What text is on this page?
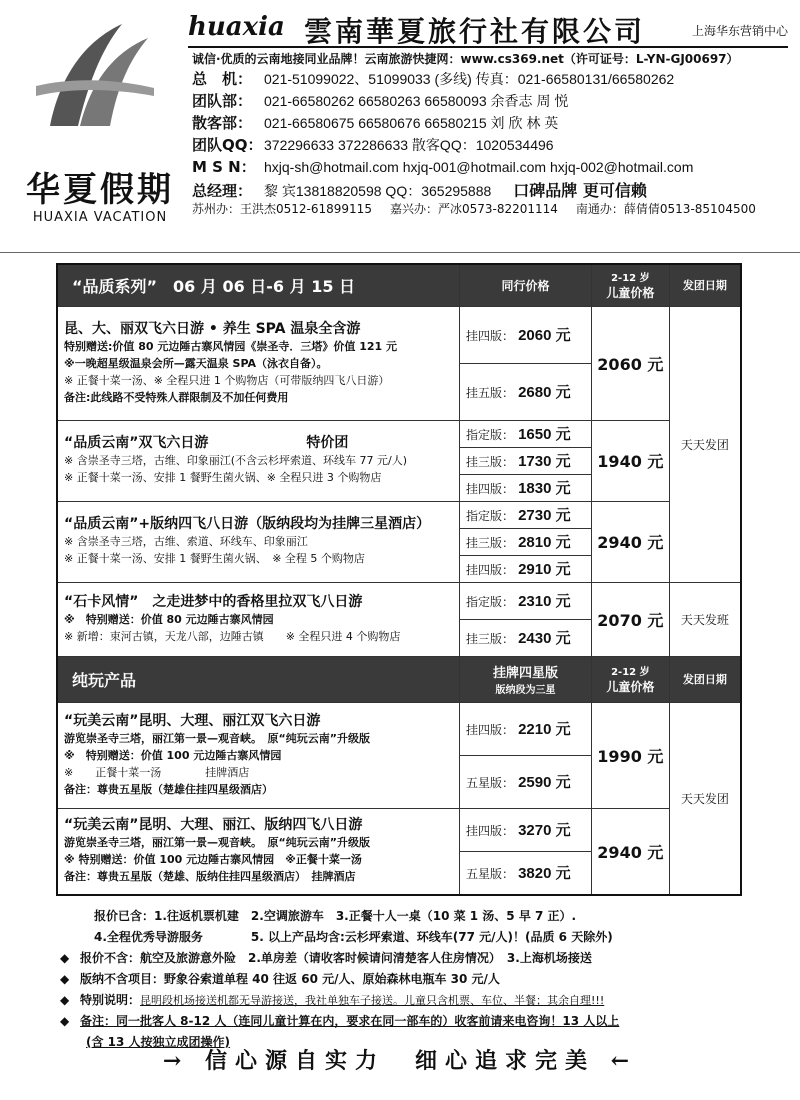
华夏假期
HUAXIA VACATION
huaxia 雲南華夏旅行社有限公司	上海华东营销中心
诚信·优质的云南地接同业品牌！云南旅游快捷网：www.cs369.net（许可证号：L-YN-GJ00697）
总　机： 021-51099022、51099033 (多线) 传真：021-66580131/66580262
团队部： 021-66580262 66580263 66580093 余香志 周 悦
散客部： 021-66580675 66580676 66580215 刘 欣 林 英
团队QQ：372296633 372286633 散客QQ：1020534496
M S N： hxjq-sh@hotmail.com hxjq-001@hotmail.com hxjq-002@hotmail.com
总经理： 黎 宾13818820598 QQ：365295888 口碑品牌 更可信赖
苏州办：王洪杰0512-61899115 嘉兴办：严冰0573-82201114 南通办：薛倩倩0513-85104500
“品质系列”　06 月 06 日-6 月 15 日	同行价格	2-12 岁
儿童价格	发团日期

昆、大、丽双飞六日游 • 养生 SPA 温泉全含游
特别赠送:价值 80 元边陲古寨风情园《崇圣寺．三塔》价值 121 元
※一晚超星级温泉会所—露天温泉 SPA（泳衣自备）。
※ 正餐十菜一汤、※ 全程只进 1 个购物店（可带版纳四飞八日游）
备注:此线路不受特殊人群限制及不加任何费用	挂四版： 2060 元	2060 元	天天发团
	挂五版： 2680 元		

“品质云南”双飞六日游　　　　　　　特价团
※ 含崇圣寺三塔，古维、印象丽江(不含云杉坪索道、环线车 77 元/人)
※ 正餐十菜一汤、安排 1 餐野生菌火锅、※ 全程只进 3 个购物店	指定版： 1650 元	1940 元	
	挂三版： 1730 元		
	挂四版： 1830 元		

“品质云南”+版纳四飞八日游（版纳段均为挂牌三星酒店）
※ 含崇圣寺三塔，古维、索道、环线车、印象丽江
※ 正餐十菜一汤、安排 1 餐野生菌火锅、　※ 全程 5 个购物店	指定版： 2730 元	2940 元	
	挂三版： 2810 元		
	挂四版： 2910 元		

“石卡风情”　之走进梦中的香格里拉双飞八日游
※　特别赠送：价值 80 元边陲古寨风情园
※ 新增：束河古镇，天龙八部，边陲古镇　　※ 全程只进 4 个购物店	指定版： 2310 元	2070 元	天天发班
	挂三版： 2430 元		
纯玩产品	挂牌四星版
版纳段为三星	2-12 岁
儿童价格	发团日期

“玩美云南”昆明、大理、丽江双飞六日游
游览崇圣寺三塔，丽江第一景—观音峡。　原“纯玩云南”升级版
※　特别赠送：价值 100 元边陲古寨风情园
※　　正餐十菜一汤　　　　挂牌酒店
备注：尊贵五星版（楚雄住挂四星级酒店）	挂四版： 2210 元	1990 元	天天发团
	五星版： 2590 元		

“玩美云南”昆明、大理、丽江、版纳四飞八日游
游览崇圣寺三塔，丽江第一景—观音峡。　原“纯玩云南”升级版
※ 特别赠送：价值 100 元边陲古寨风情园　※正餐十菜一汤
备注：尊贵五星版（楚雄、版纳住挂四星级酒店）　挂牌酒店	挂四版： 3270 元	2940 元	
	五星版： 3820 元		
报价已含：1.往返机票机建　2.空调旅游车　3.正餐十人一桌（10 菜 1 汤、5 早 7 正）.
4.全程优秀导游服务　　　　5. 以上产品均含:云杉坪索道、环线车(77 元/人)！(品质 6 天除外)
◆ 报价不含：航空及旅游意外险　2.单房差（请收客时候请问清楚客人住房情况）　3.上海机场接送
◆ 版纳不含项目：野象谷索道单程 40 往返 60 元/人、原始森林电瓶车 30 元/人
◆ 特别说明：昆明段机场接送机都无导游接送，我社单独车子接送。儿童只含机票、车位、半餐；其余自理!!!
◆ 备注：同一批客人 8-12 人（连同儿童计算在内，要求在同一部车的）收客前请来电咨询！13 人以上
(含 13 人按独立成团操作)
→ 信心源自实力　细心追求完美 ←
